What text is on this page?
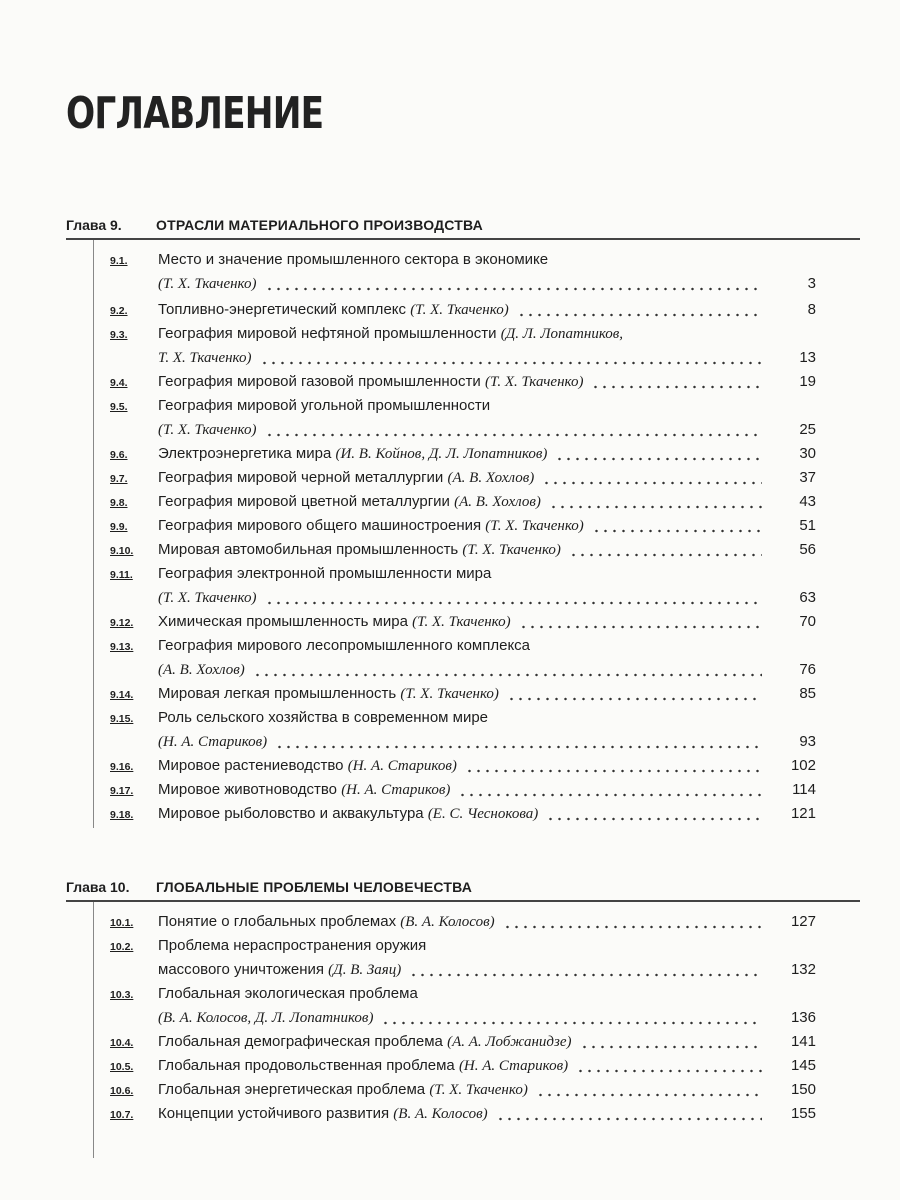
ОГЛАВЛЕНИЕ
Глава 9. ОТРАСЛИ МАТЕРИАЛЬНОГО ПРОИЗВОДСТВА
Глава 10. ГЛОБАЛЬНЫЕ ПРОБЛЕМЫ ЧЕЛОВЕЧЕСТВА
9.1. Место и значение промышленного сектора в экономике
(Т. Х. Ткаченко)	3
9.2. Топливно-энергетический комплекс (Т. Х. Ткаченко)	8
9.3. География мировой нефтяной промышленности (Д. Л. Лопатников,
Т. Х. Ткаченко)	13
9.4. География мировой газовой промышленности (Т. Х. Ткаченко)	19
9.5. География мировой угольной промышленности
(Т. Х. Ткаченко)	25
9.6. Электроэнергетика мира (И. В. Койнов, Д. Л. Лопатников)	30
9.7. География мировой черной металлургии (А. В. Хохлов)	37
9.8. География мировой цветной металлургии (А. В. Хохлов)	43
9.9. География мирового общего машиностроения (Т. Х. Ткаченко)	51
9.10. Мировая автомобильная промышленность (Т. Х. Ткаченко)	56
9.11. География электронной промышленности мира
(Т. Х. Ткаченко)	63
9.12. Химическая промышленность мира (Т. Х. Ткаченко)	70
9.13. География мирового лесопромышленного комплекса
(А. В. Хохлов)	76
9.14. Мировая легкая промышленность (Т. Х. Ткаченко)	85
9.15. Роль сельского хозяйства в современном мире
(Н. А. Стариков)	93
9.16. Мировое растениеводство (Н. А. Стариков)	102
9.17. Мировое животноводство (Н. А. Стариков)	114
9.18. Мировое рыболовство и аквакультура (Е. С. Чеснокова)	121
10.1. Понятие о глобальных проблемах (В. А. Колосов)	127
10.2. Проблема нераспространения оружия
массового уничтожения (Д. В. Заяц)	132
10.3. Глобальная экологическая проблема
(В. А. Колосов, Д. Л. Лопатников)	136
10.4. Глобальная демографическая проблема (А. А. Лобжанидзе)	141
10.5. Глобальная продовольственная проблема (Н. А. Стариков)	145
10.6. Глобальная энергетическая проблема (Т. Х. Ткаченко)	150
10.7. Концепции устойчивого развития (В. А. Колосов)	155
